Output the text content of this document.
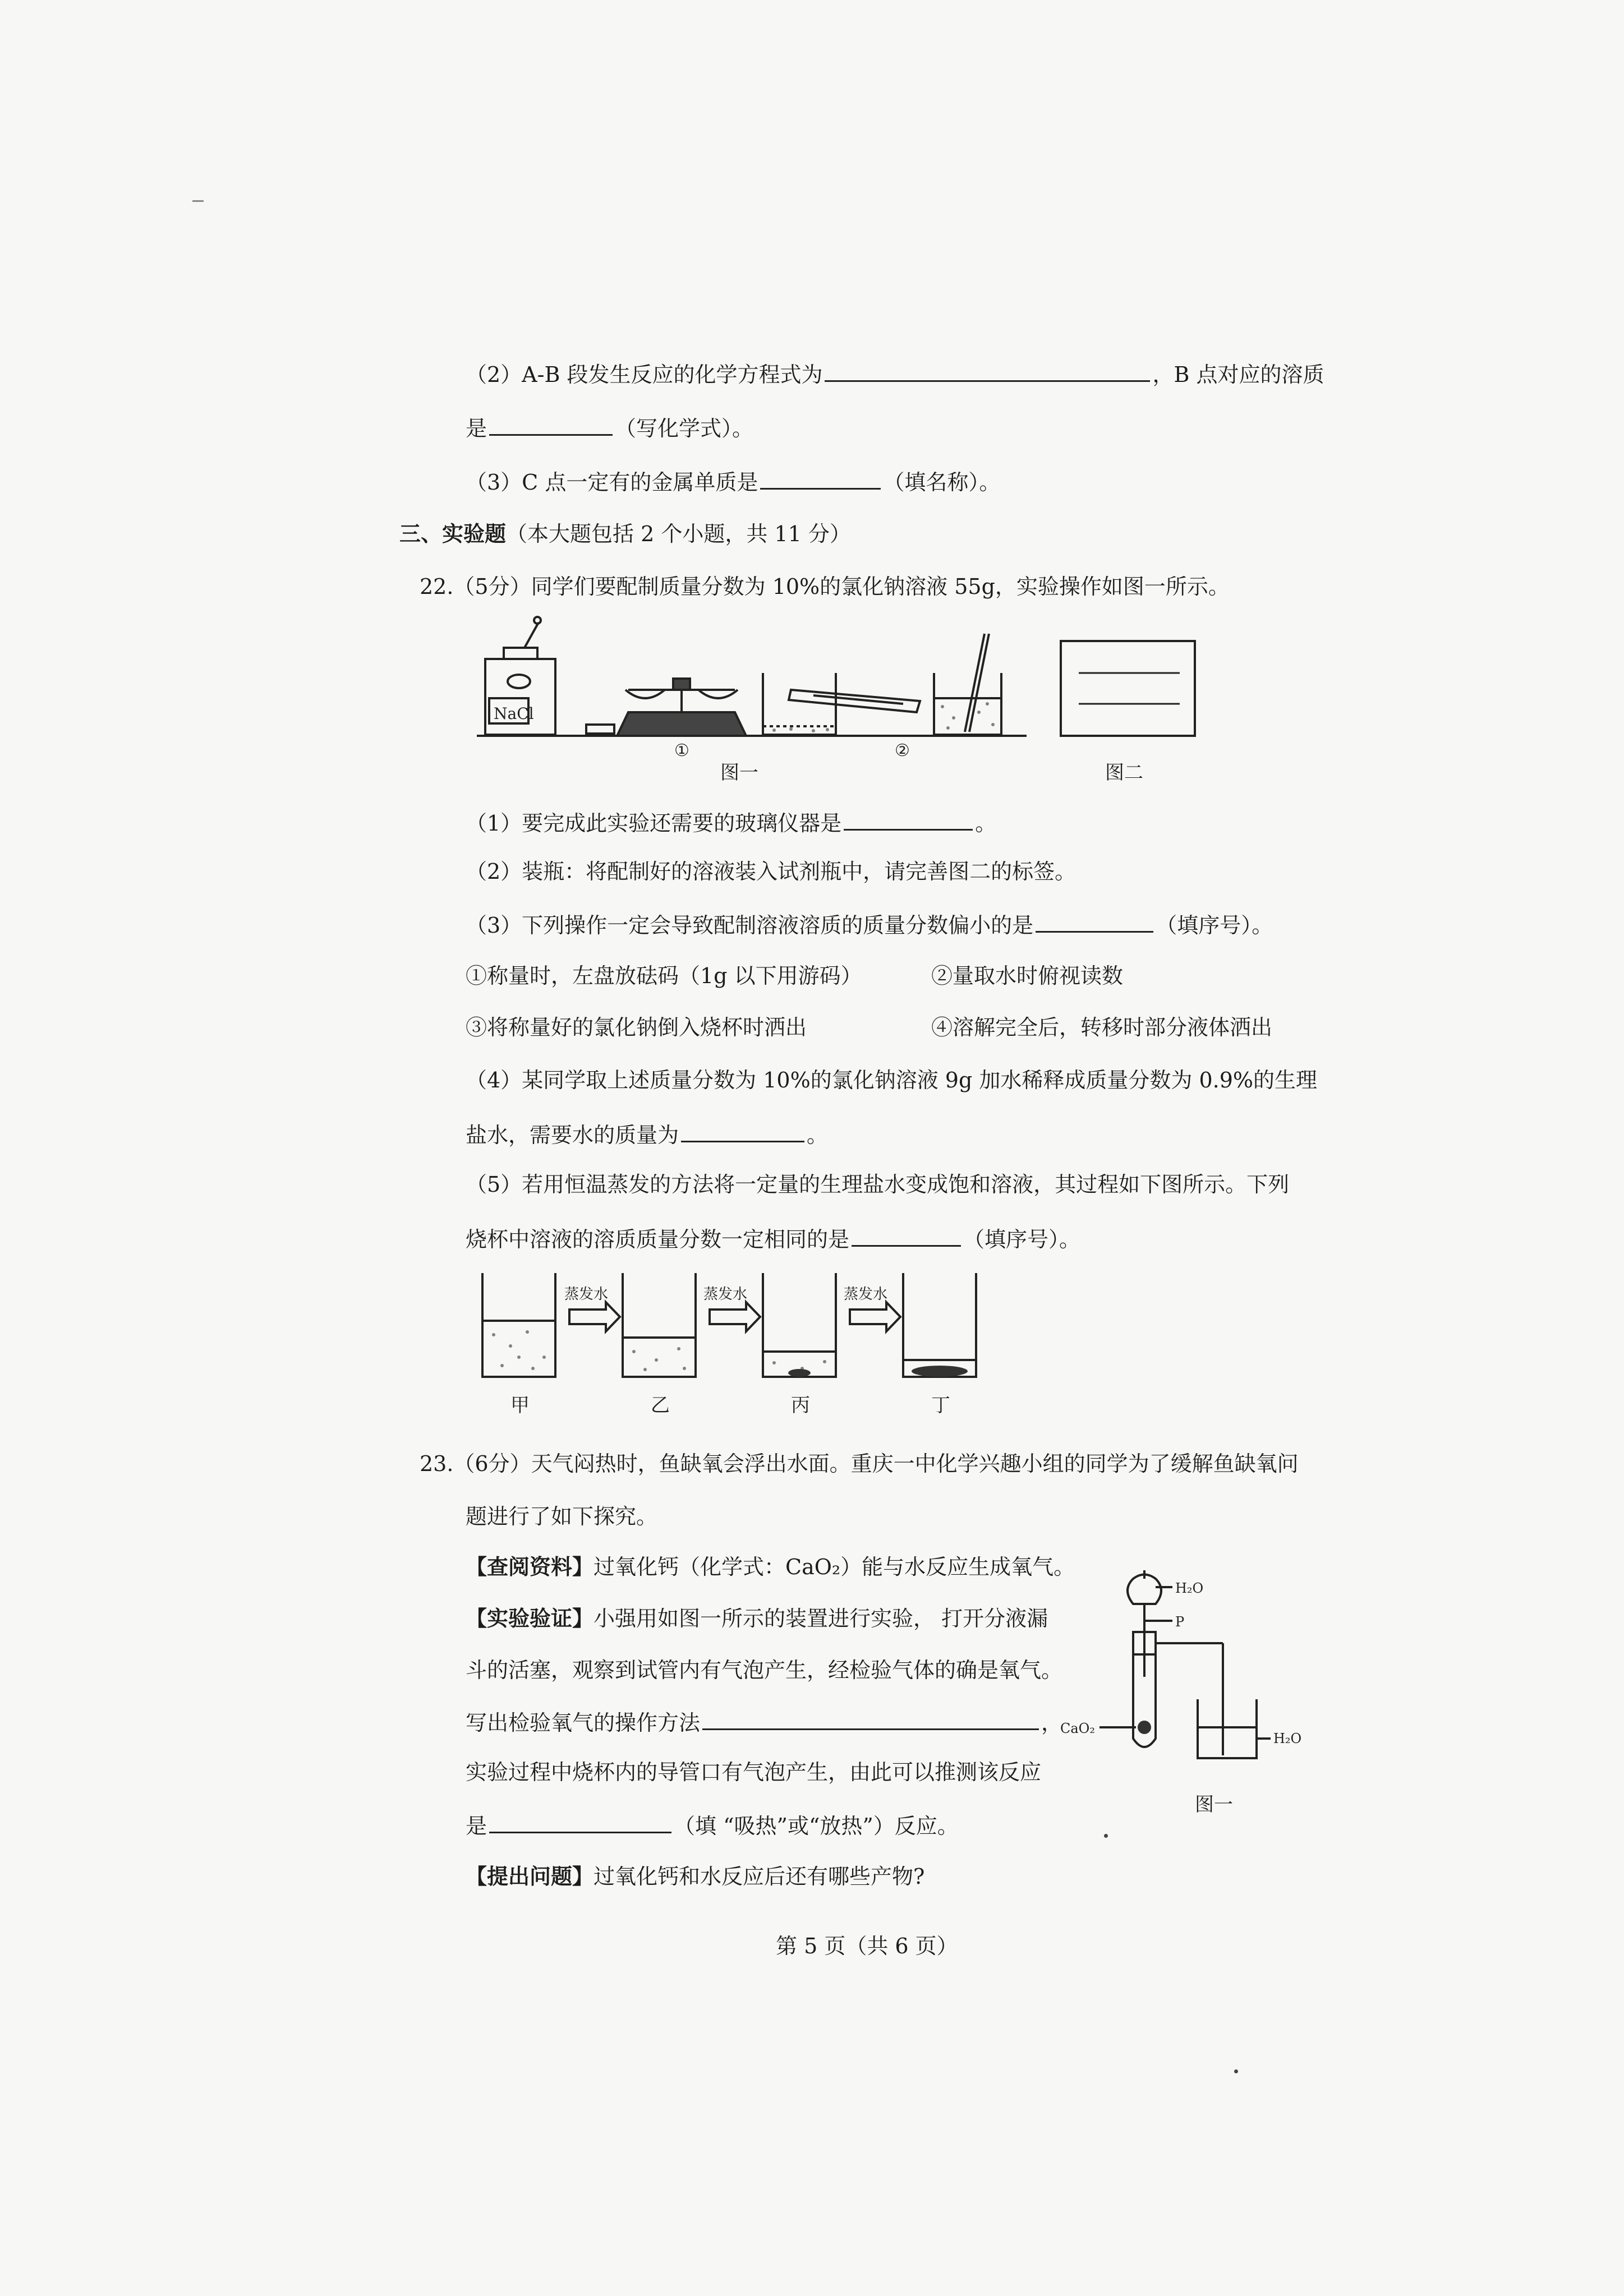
（2）A-B 段发生反应的化学方程式为	，B 点对应的溶质
是	（写化学式）。
（3）C 点一定有的金属单质是	（填名称）。
三、实验题（本大题包括 2 个小题，共 11 分）
22.（5分）同学们要配制质量分数为 10%的氯化钠溶液 55g，实验操作如图一所示。
NaCl
①	②
图一	图二
（1）要完成此实验还需要的玻璃仪器是	。
（2）装瓶：将配制好的溶液装入试剂瓶中，请完善图二的标签。
（3）下列操作一定会导致配制溶液溶质的质量分数偏小的是	（填序号）。
①称量时，左盘放砝码（1g 以下用游码）	②量取水时俯视读数
③将称量好的氯化钠倒入烧杯时洒出	④溶解完全后，转移时部分液体洒出
（4）某同学取上述质量分数为 10%的氯化钠溶液 9g 加水稀释成质量分数为 0.9%的生理
盐水，需要水的质量为	。
（5）若用恒温蒸发的方法将一定量的生理盐水变成饱和溶液，其过程如下图所示。下列
烧杯中溶液的溶质质量分数一定相同的是	（填序号）。
蒸发水	蒸发水	蒸发水
甲	乙	丙	丁
23.（6分）天气闷热时，鱼缺氧会浮出水面。重庆一中化学兴趣小组的同学为了缓解鱼缺氧问
题进行了如下探究。
【查阅资料】过氧化钙（化学式：CaO₂）能与水反应生成氧气。
【实验验证】小强用如图一所示的装置进行实验， 打开分液漏
斗的活塞，观察到试管内有气泡产生，经检验气体的确是氧气。
写出检验氧气的操作方法	，
实验过程中烧杯内的导管口有气泡产生，由此可以推测该反应
是	（填 “吸热”或“放热”）反应。
【提出问题】过氧化钙和水反应后还有哪些产物?
H₂O
P
CaO₂
H₂O
图一
第 5 页（共 6 页）
